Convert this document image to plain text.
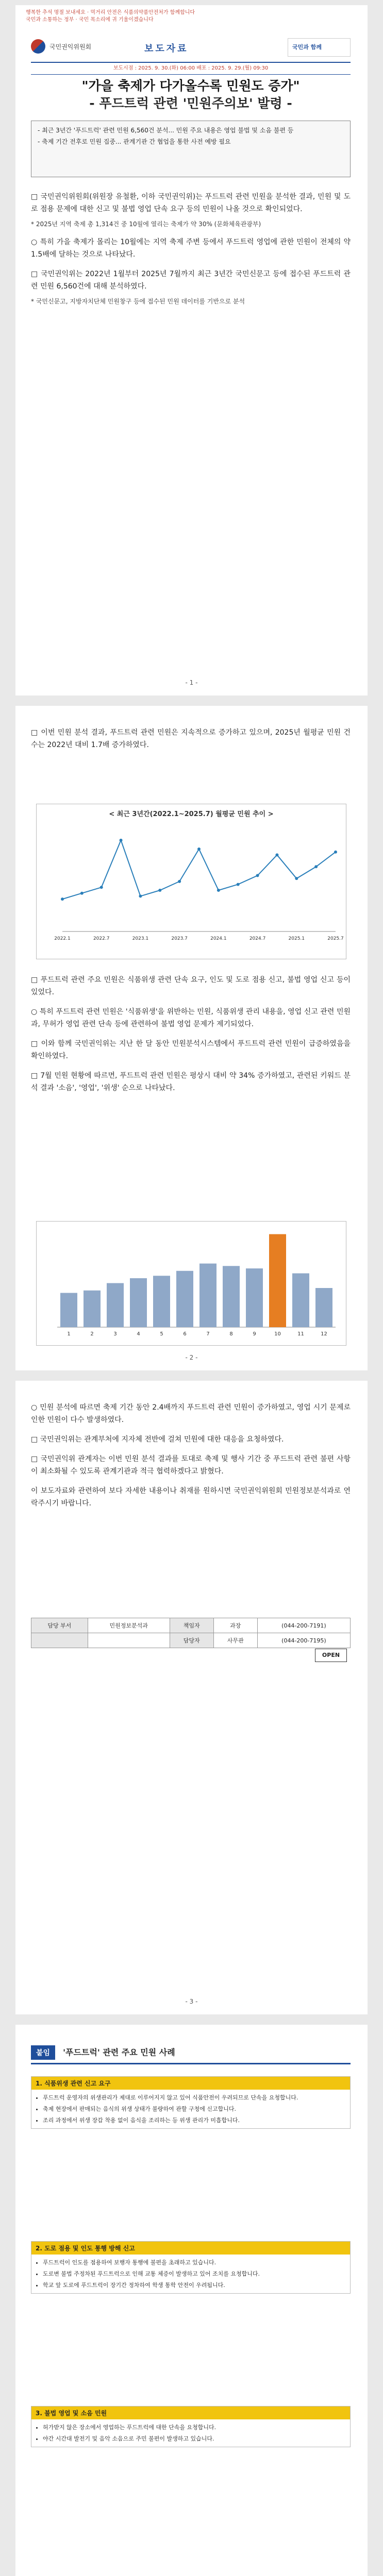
행복한 추석 명절 보내세요 · 먹거리 안전은 식품의약품안전처가 함께합니다
국민과 소통하는 정부 · 국민 목소리에 귀 기울이겠습니다
국민권익위원회	보도자료	국민과 함께
보도시점 : 2025. 9. 30.(화) 06:00 배포 : 2025. 9. 29.(월) 09:30
"가을 축제가 다가올수록 민원도 증가"
- 푸드트럭 관련 '민원주의보' 발령 -

- 최근 3년간 '푸드트럭' 관련 민원 6,560건 분석... 민원 주요 내용은 영업 불법 및 소음 불편 등

- 축제 기간 전후로 민원 집중... 관계기관 간 협업을 통한 사전 예방 필요

□ 국민권익위원회(위원장 유철환, 이하 국민권익위)는 푸드트럭 관련 민원을 분석한 결과, 민원 및 도로 점용 문제에 대한 신고 및 불법 영업 단속 요구 등의 민원이 나올 것으로 확인되었다.

* 2025년 지역 축제 총 1,314건 중 10월에 열리는 축제가 약 30% (문화체육관광부)

○ 특히 가을 축제가 몰리는 10월에는 지역 축제 주변 등에서 푸드트럭 영업에 관한 민원이 전체의 약 1.5배에 달하는 것으로 나타났다.

□ 국민권익위는 2022년 1월부터 2025년 7월까지 최근 3년간 국민신문고 등에 접수된 푸드트럭 관련 민원 6,560건에 대해 분석하였다.

* 국민신문고, 지방자치단체 민원창구 등에 접수된 민원 데이터를 기반으로 분석

- 1 -

□ 이번 민원 분석 결과, 푸드트럭 관련 민원은 지속적으로 증가하고 있으며, 2025년 월평균 민원 건수는 2022년 대비 1.7배 증가하였다.

< 최근 3년간(2022.1~2025.7) 월평균 민원 추이 >
2022.1	2022.7	2023.1	2023.7	2024.1	2024.7	2025.1	2025.7

□ 푸드트럭 관련 주요 민원은 식품위생 관련 단속 요구, 인도 및 도로 점용 신고, 불법 영업 신고 등이 있었다.

○ 특히 푸드트럭 관련 민원은 '식품위생'을 위반하는 민원, 식품위생 관리 내용을, 영업 신고 관련 민원과, 무허가 영업 관련 단속 등에 관련하여 불법 영업 문제가 제기되었다.

□ 이와 함께 국민권익위는 지난 한 달 동안 민원분석시스템에서 푸드트럭 관련 민원이 급증하였음을 확인하였다.

□ 7월 민원 현황에 따르면, 푸드트럭 관련 민원은 평상시 대비 약 34% 증가하였고, 관련된 키워드 분석 결과 '소음', '영업', '위생' 순으로 나타났다.

1	2	3	4	5	6	7	8	9	10	11	12
- 2 -

○ 민원 분석에 따르면 축제 기간 동안 2.4배까지 푸드트럭 관련 민원이 증가하였고, 영업 시기 문제로 인한 민원이 다수 발생하였다.

□ 국민권익위는 관계부처에 지자체 전반에 걸쳐 민원에 대한 대응을 요청하였다.

□ 국민권익위 관계자는 이번 민원 분석 결과를 토대로 축제 및 행사 기간 중 푸드트럭 관련 불편 사항이 최소화될 수 있도록 관계기관과 적극 협력하겠다고 밝혔다.

이 보도자료와 관련하여 보다 자세한 내용이나 취재를 원하시면 국민권익위원회 민원정보분석과로 연락주시기 바랍니다.

담당 부서	민원정보분석과	책임자	과장	(044-200-7191)
		담당자	사무관	(044-200-7195)
OPEN
- 3 -
붙임 '푸드트럭' 관련 주요 민원 사례
1. 식품위생 관련 신고 요구
• 푸드트럭 운영자의 위생관리가 제대로 이루어지지 않고 있어 식품안전이 우려되므로 단속을 요청합니다.
• 축제 현장에서 판매되는 음식의 위생 상태가 불량하여 관할 구청에 신고합니다.
• 조리 과정에서 위생 장갑 착용 없이 음식을 조리하는 등 위생 관리가 미흡합니다.
2. 도로 점용 및 인도 통행 방해 신고
• 푸드트럭이 인도를 점용하여 보행자 통행에 불편을 초래하고 있습니다.
• 도로변 불법 주정차된 푸드트럭으로 인해 교통 체증이 발생하고 있어 조치를 요청합니다.
• 학교 앞 도로에 푸드트럭이 장기간 정차하여 학생 통학 안전이 우려됩니다.
3. 불법 영업 및 소음 민원
• 허가받지 않은 장소에서 영업하는 푸드트럭에 대한 단속을 요청합니다.
• 야간 시간대 발전기 및 음악 소음으로 주민 불편이 발생하고 있습니다.
